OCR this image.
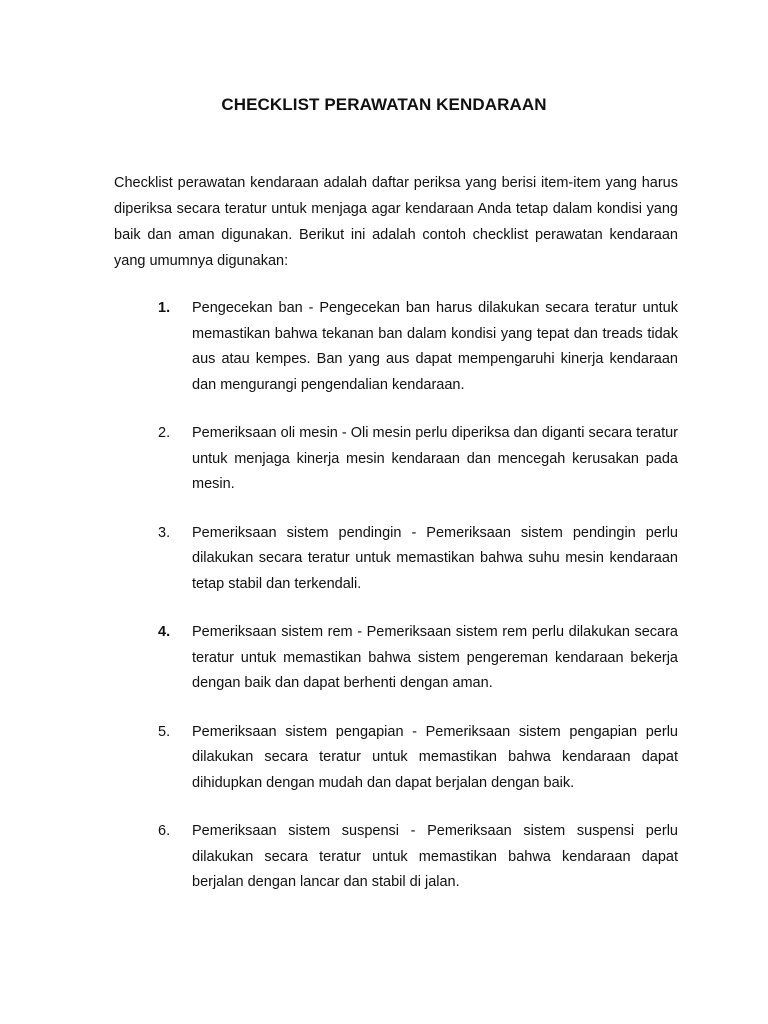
CHECKLIST PERAWATAN KENDARAAN

Checklist perawatan kendaraan adalah daftar periksa yang berisi item-item yang harus diperiksa secara teratur untuk menjaga agar kendaraan Anda tetap dalam kondisi yang baik dan aman digunakan. Berikut ini adalah contoh checklist perawatan kendaraan yang umumnya digunakan:

1. Pengecekan ban - Pengecekan ban harus dilakukan secara teratur untuk memastikan bahwa tekanan ban dalam kondisi yang tepat dan treads tidak aus atau kempes. Ban yang aus dapat mempengaruhi kinerja kendaraan dan mengurangi pengendalian kendaraan.
2. Pemeriksaan oli mesin - Oli mesin perlu diperiksa dan diganti secara teratur untuk menjaga kinerja mesin kendaraan dan mencegah kerusakan pada mesin.
3. Pemeriksaan sistem pendingin - Pemeriksaan sistem pendingin perlu dilakukan secara teratur untuk memastikan bahwa suhu mesin kendaraan tetap stabil dan terkendali.
4. Pemeriksaan sistem rem - Pemeriksaan sistem rem perlu dilakukan secara teratur untuk memastikan bahwa sistem pengereman kendaraan bekerja dengan baik dan dapat berhenti dengan aman.
5. Pemeriksaan sistem pengapian - Pemeriksaan sistem pengapian perlu dilakukan secara teratur untuk memastikan bahwa kendaraan dapat dihidupkan dengan mudah dan dapat berjalan dengan baik.
6. Pemeriksaan sistem suspensi - Pemeriksaan sistem suspensi perlu dilakukan secara teratur untuk memastikan bahwa kendaraan dapat berjalan dengan lancar dan stabil di jalan.
